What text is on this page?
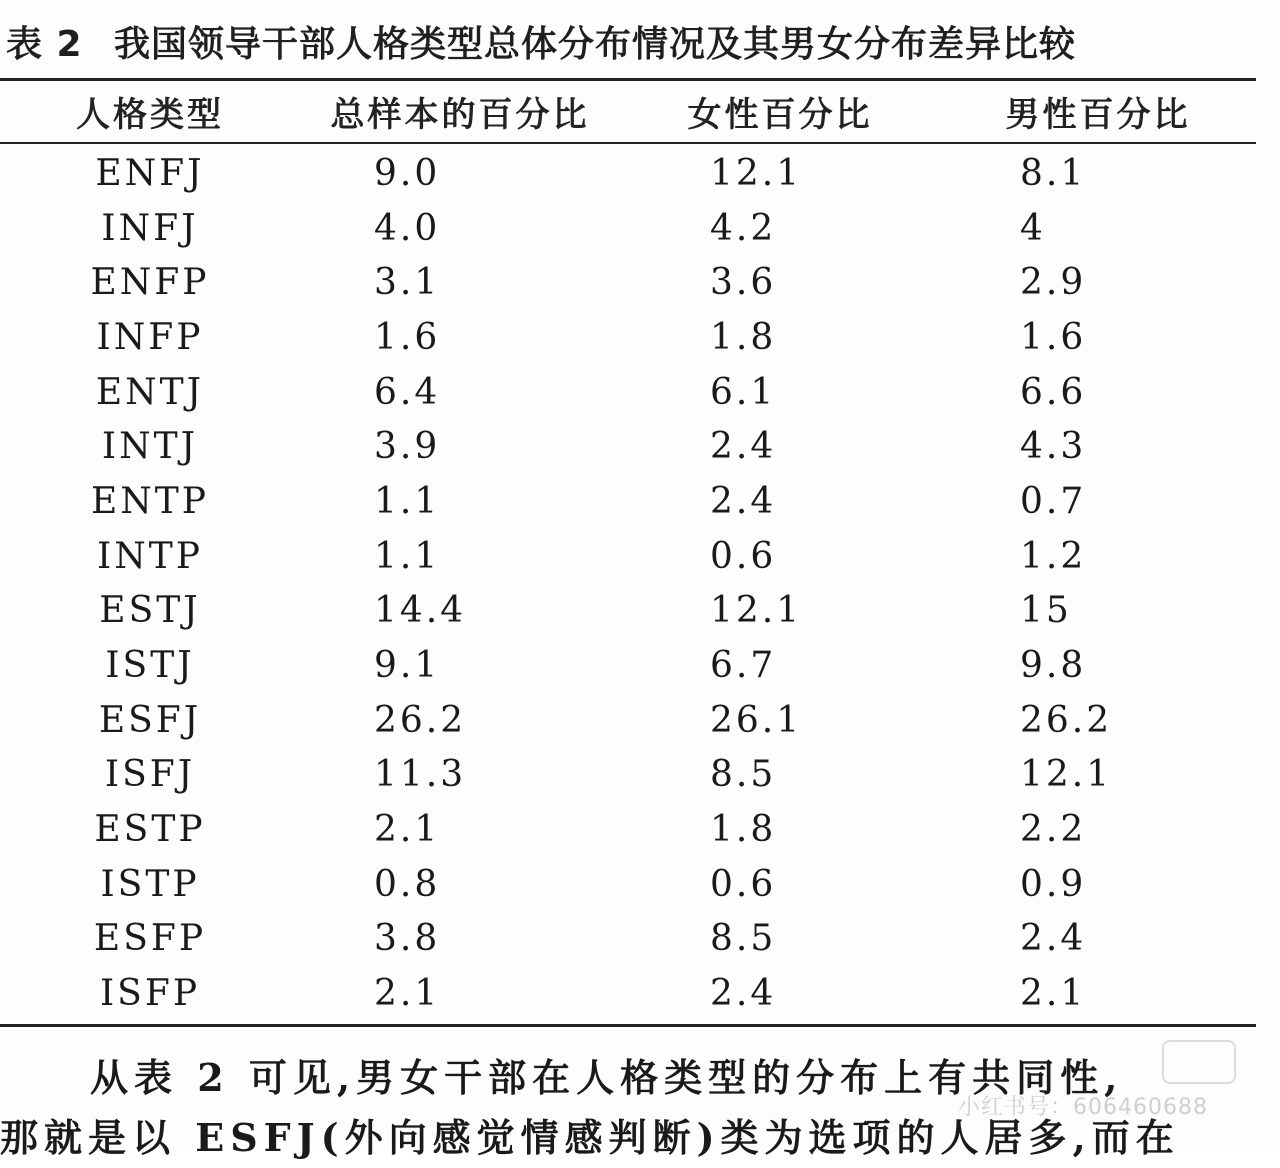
表 2 我国领导干部人格类型总体分布情况及其男女分布差异比较
人格类型	总样本的百分比	女性百分比	男性百分比
ENFJ	9.0	12.1	8.1
INFJ	4.0	4.2	4
ENFP	3.1	3.6	2.9
INFP	1.6	1.8	1.6
ENTJ	6.4	6.1	6.6
INTJ	3.9	2.4	4.3
ENTP	1.1	2.4	0.7
INTP	1.1	0.6	1.2
ESTJ	14.4	12.1	15
ISTJ	9.1	6.7	9.8
ESFJ	26.2	26.1	26.2
ISFJ	11.3	8.5	12.1
ESTP	2.1	1.8	2.2
ISTP	0.8	0.6	0.9
ESFP	3.8	8.5	2.4
ISFP	2.1	2.4	2.1
从表 2 可见,男女干部在人格类型的分布上有共同性,
那就是以 ESFJ(外向感觉情感判断)类为选项的人居多,而在
小红书号：606460688
